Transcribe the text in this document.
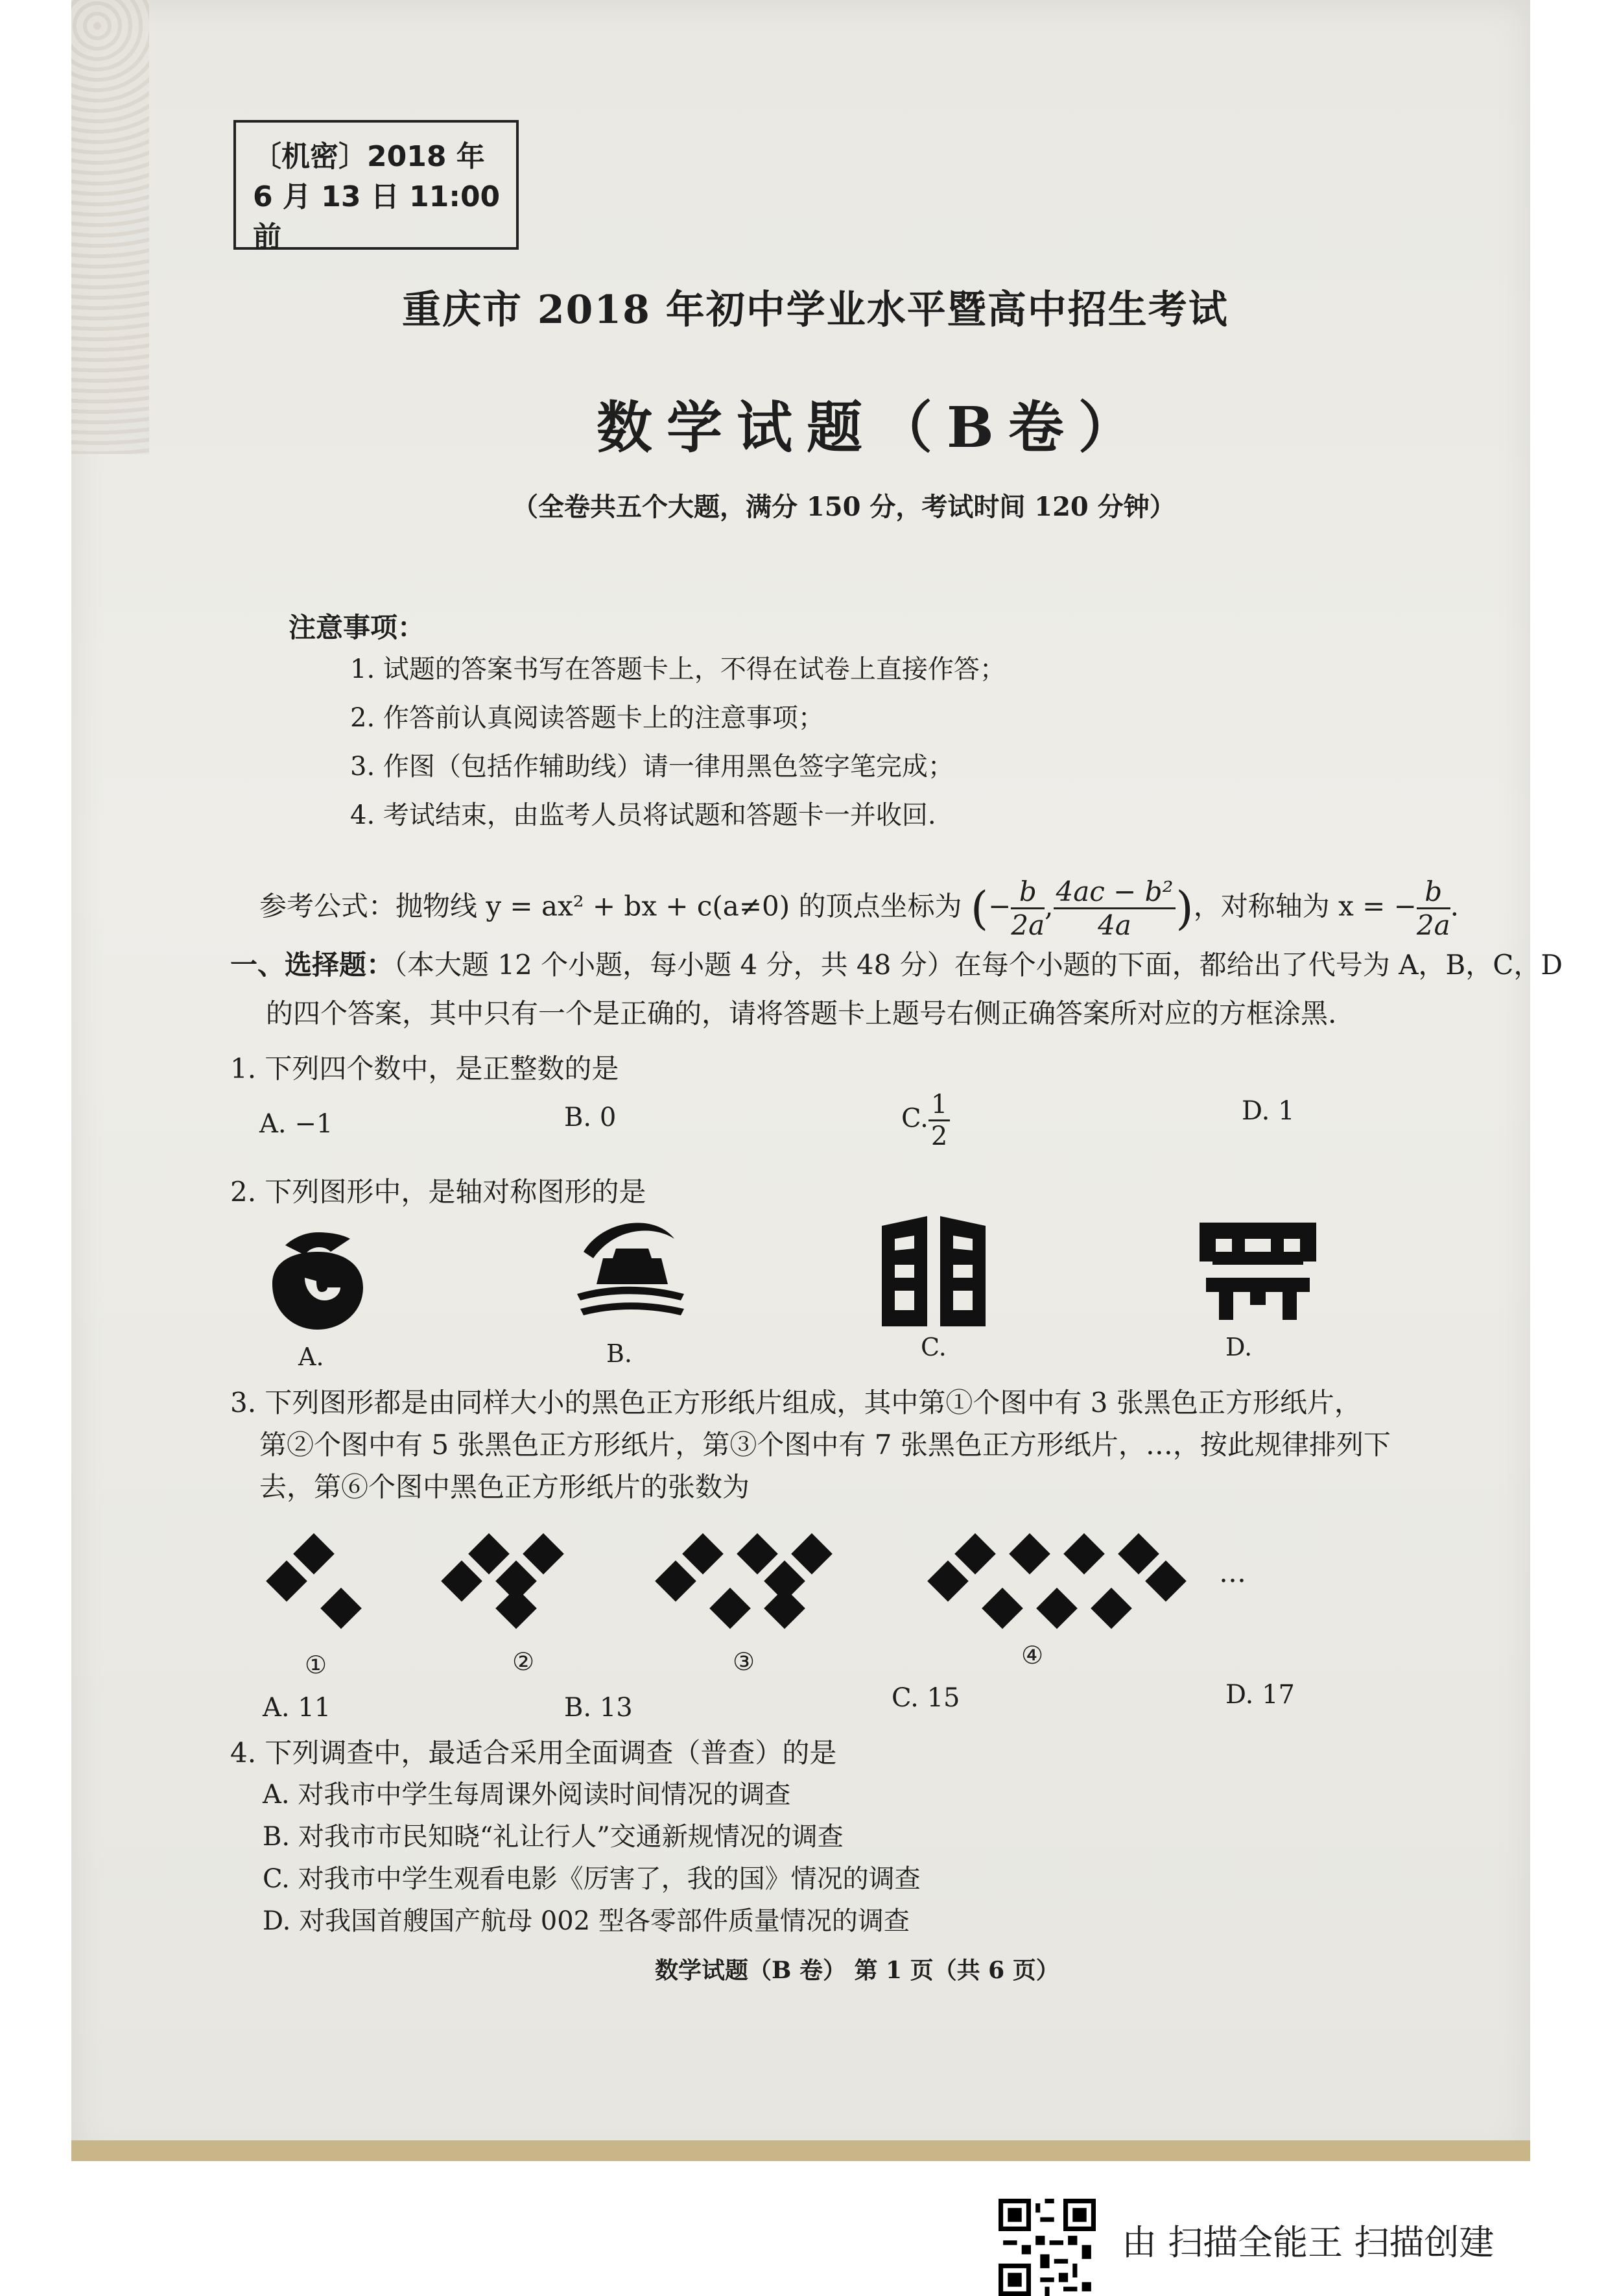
〔机密〕2018 年
6 月 13 日 11:00 前
重庆市 2018 年初中学业水平暨高中招生考试
数学试题（B卷）
（全卷共五个大题，满分 150 分，考试时间 120 分钟）
注意事项：
1. 试题的答案书写在答题卡上，不得在试卷上直接作答；
2. 作答前认真阅读答题卡上的注意事项；
3. 作图（包括作辅助线）请一律用黑色签字笔完成；
4. 考试结束，由监考人员将试题和答题卡一并收回.
参考公式：抛物线 y = ax² + bx + c(a≠0) 的顶点坐标为 (− $\frac{b}{2a}$ , $\frac{\text{4ac − b²}}{4a}$ )，对称轴为 x = − $\frac{b}{2a}$ .
一、选择题：（本大题 12 个小题，每小题 4 分，共 48 分）在每个小题的下面，都给出了代号为 A，B，C，D
的四个答案，其中只有一个是正确的，请将答题卡上题号右侧正确答案所对应的方框涂黑.
1. 下列四个数中，是正整数的是
A. −1	B. 0	C. $\frac{1}{2}$	D. 1
2. 下列图形中，是轴对称图形的是
A.	B.	C.	D.
3. 下列图形都是由同样大小的黑色正方形纸片组成，其中第①个图中有 3 张黑色正方形纸片，
第②个图中有 5 张黑色正方形纸片，第③个图中有 7 张黑色正方形纸片，…，按此规律排列下
去，第⑥个图中黑色正方形纸片的张数为
…
①	②	③	④
A. 11	B. 13	C. 15	D. 17
4. 下列调查中，最适合采用全面调查（普查）的是
A. 对我市中学生每周课外阅读时间情况的调查
B. 对我市市民知晓“礼让行人”交通新规情况的调查
C. 对我市中学生观看电影《厉害了，我的国》情况的调查
D. 对我国首艘国产航母 002 型各零部件质量情况的调查
数学试题（B 卷） 第 1 页（共 6 页）
由 扫描全能王 扫描创建
